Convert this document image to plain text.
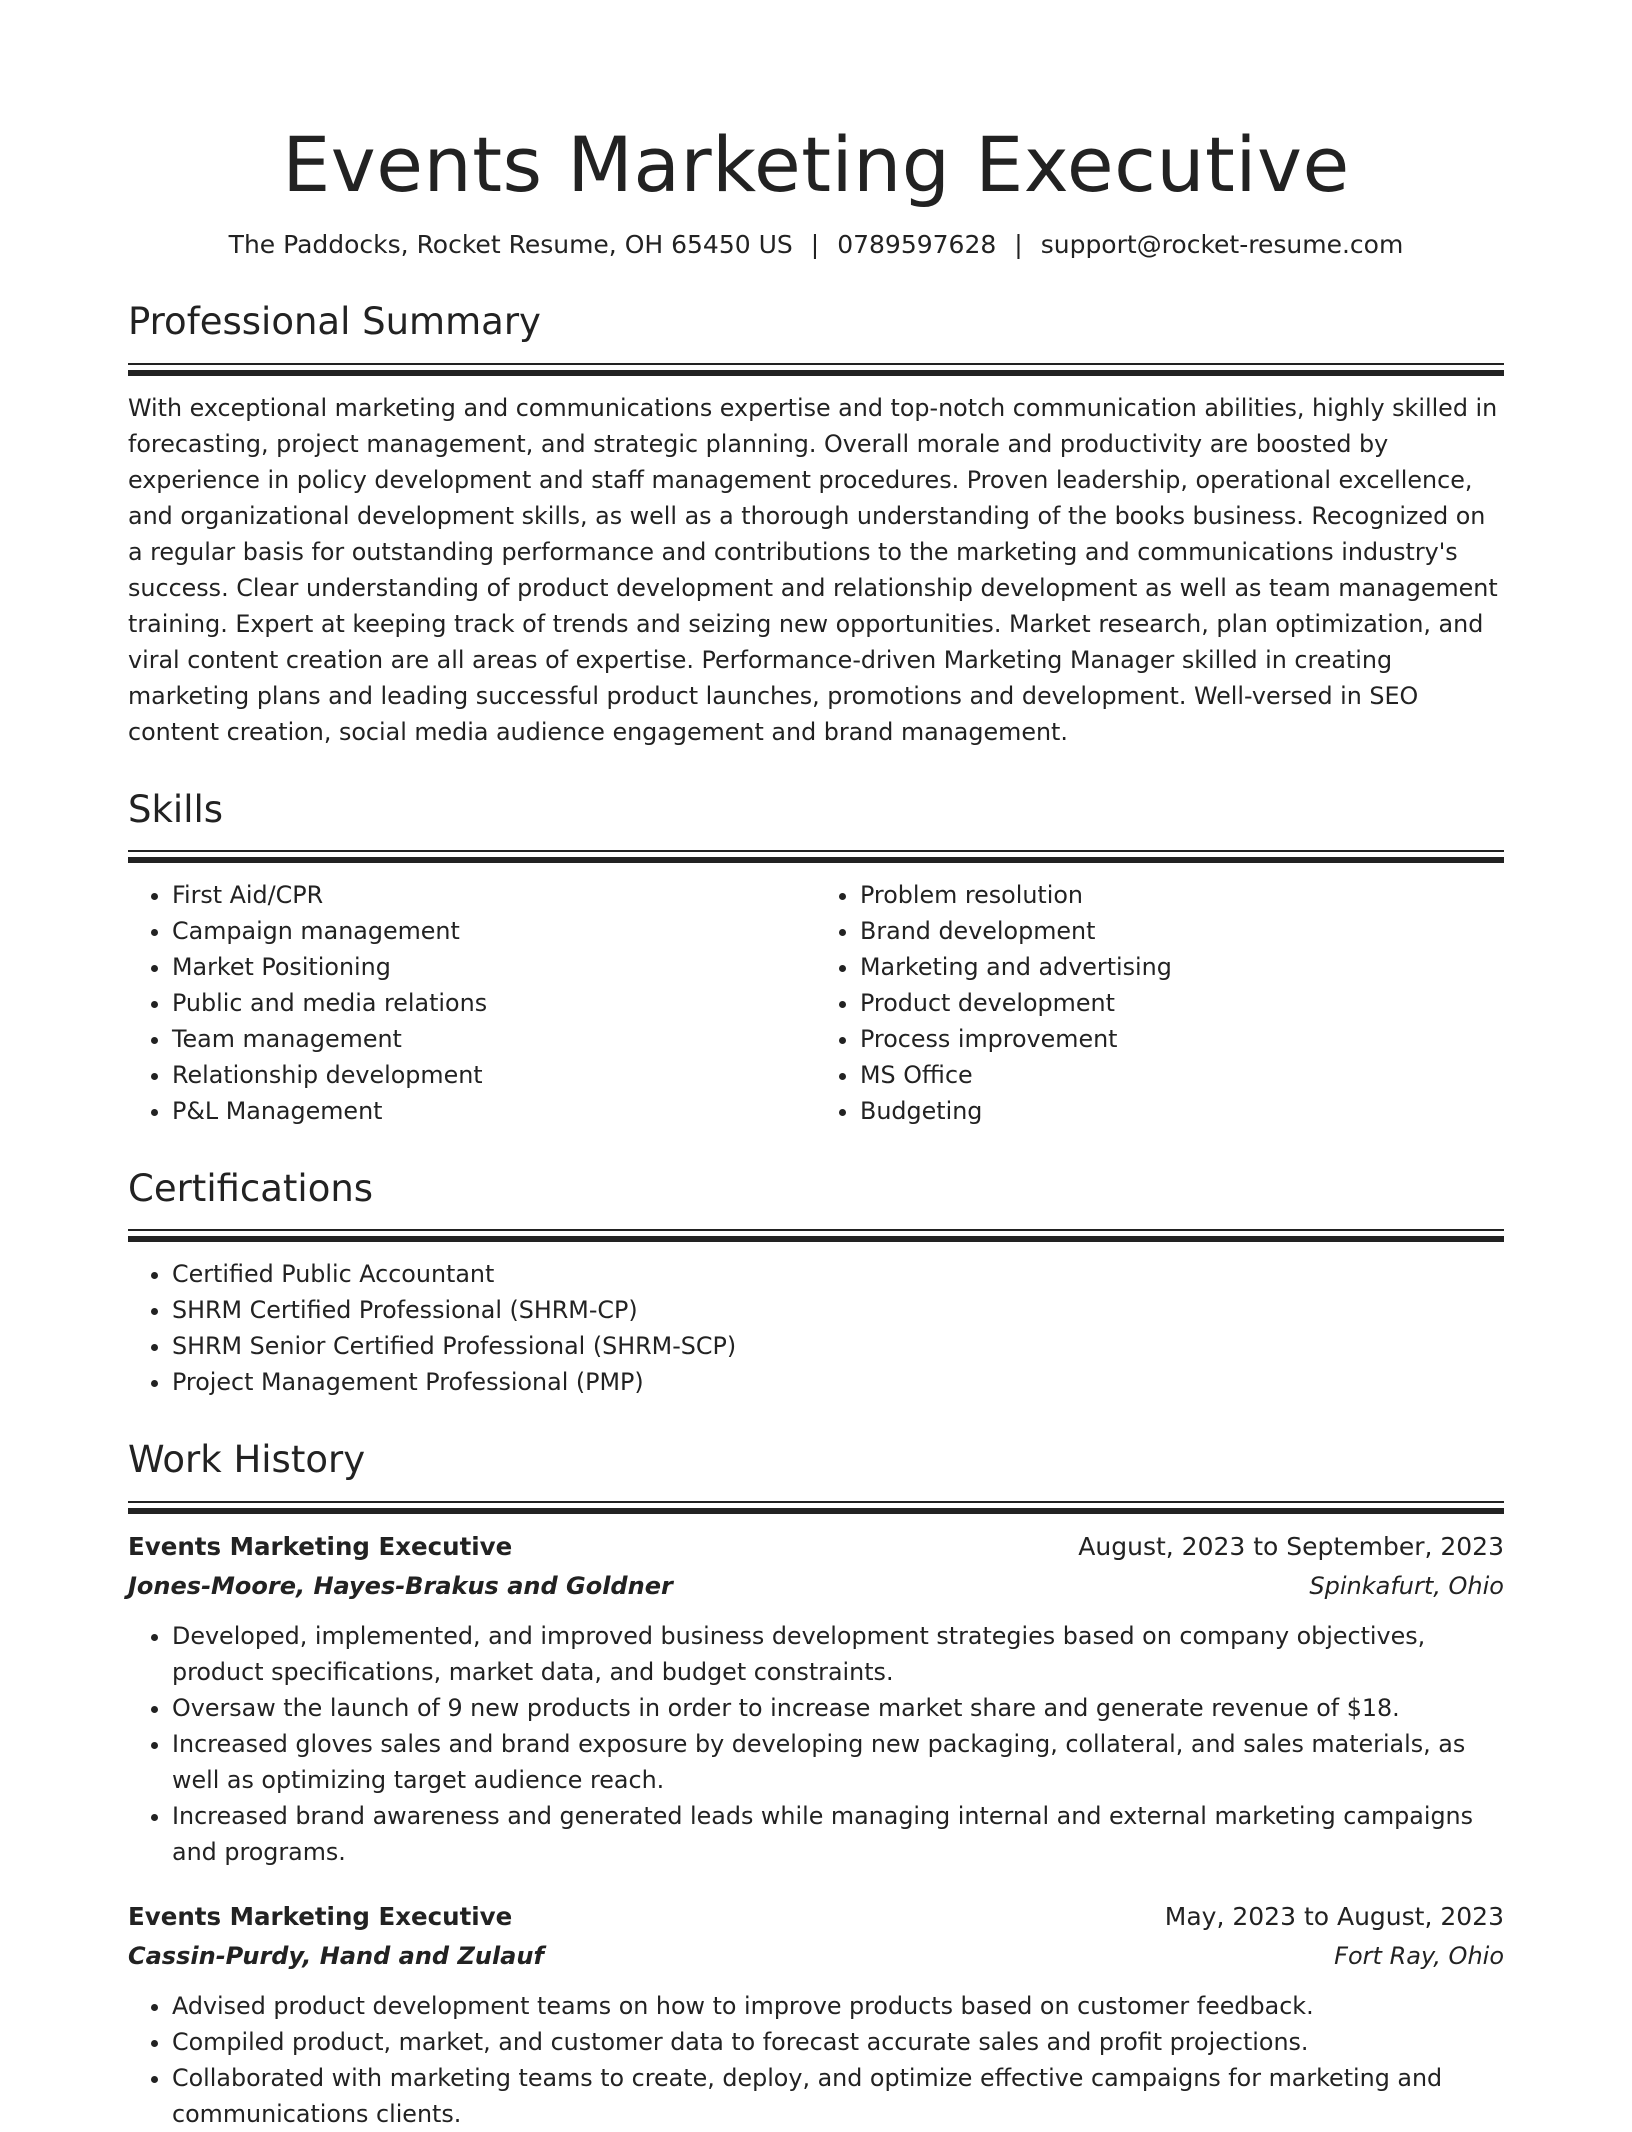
Events Marketing Executive
The Paddocks, Rocket Resume, OH 65450 US | 0789597628 | support@rocket-resume.com
Professional Summary

With exceptional marketing and communications expertise and top-notch communication abilities, highly skilled in forecasting, project management, and strategic planning. Overall morale and productivity are boosted by experience in policy development and staff management procedures. Proven leadership, operational excellence, and organizational development skills, as well as a thorough understanding of the books business. Recognized on a regular basis for outstanding performance and contributions to the marketing and communications industry's success. Clear understanding of product development and relationship development as well as team management training. Expert at keeping track of trends and seizing new opportunities. Market research, plan optimization, and viral content creation are all areas of expertise. Performance-driven Marketing Manager skilled in creating marketing plans and leading successful product launches, promotions and development. Well-versed in SEO content creation, social media audience engagement and brand management.

Skills
• First Aid/CPR
• Campaign management
• Market Positioning
• Public and media relations
• Team management
• Relationship development
• P&L Management
• Problem resolution
• Brand development
• Marketing and advertising
• Product development
• Process improvement
• MS Office
• Budgeting
Certifications
• Certified Public Accountant
• SHRM Certified Professional (SHRM-CP)
• SHRM Senior Certified Professional (SHRM-SCP)
• Project Management Professional (PMP)
Work History
Events Marketing Executive	August, 2023 to September, 2023
Jones-Moore, Hayes-Brakus and Goldner	Spinkafurt, Ohio
• Developed, implemented, and improved business development strategies based on company objectives, product specifications, market data, and budget constraints.
• Oversaw the launch of 9 new products in order to increase market share and generate revenue of $18.
• Increased gloves sales and brand exposure by developing new packaging, collateral, and sales materials, as well as optimizing target audience reach.
• Increased brand awareness and generated leads while managing internal and external marketing campaigns and programs.
Events Marketing Executive	May, 2023 to August, 2023
Cassin-Purdy, Hand and Zulauf	Fort Ray, Ohio
• Advised product development teams on how to improve products based on customer feedback.
• Compiled product, market, and customer data to forecast accurate sales and profit projections.
• Collaborated with marketing teams to create, deploy, and optimize effective campaigns for marketing and communications clients.
